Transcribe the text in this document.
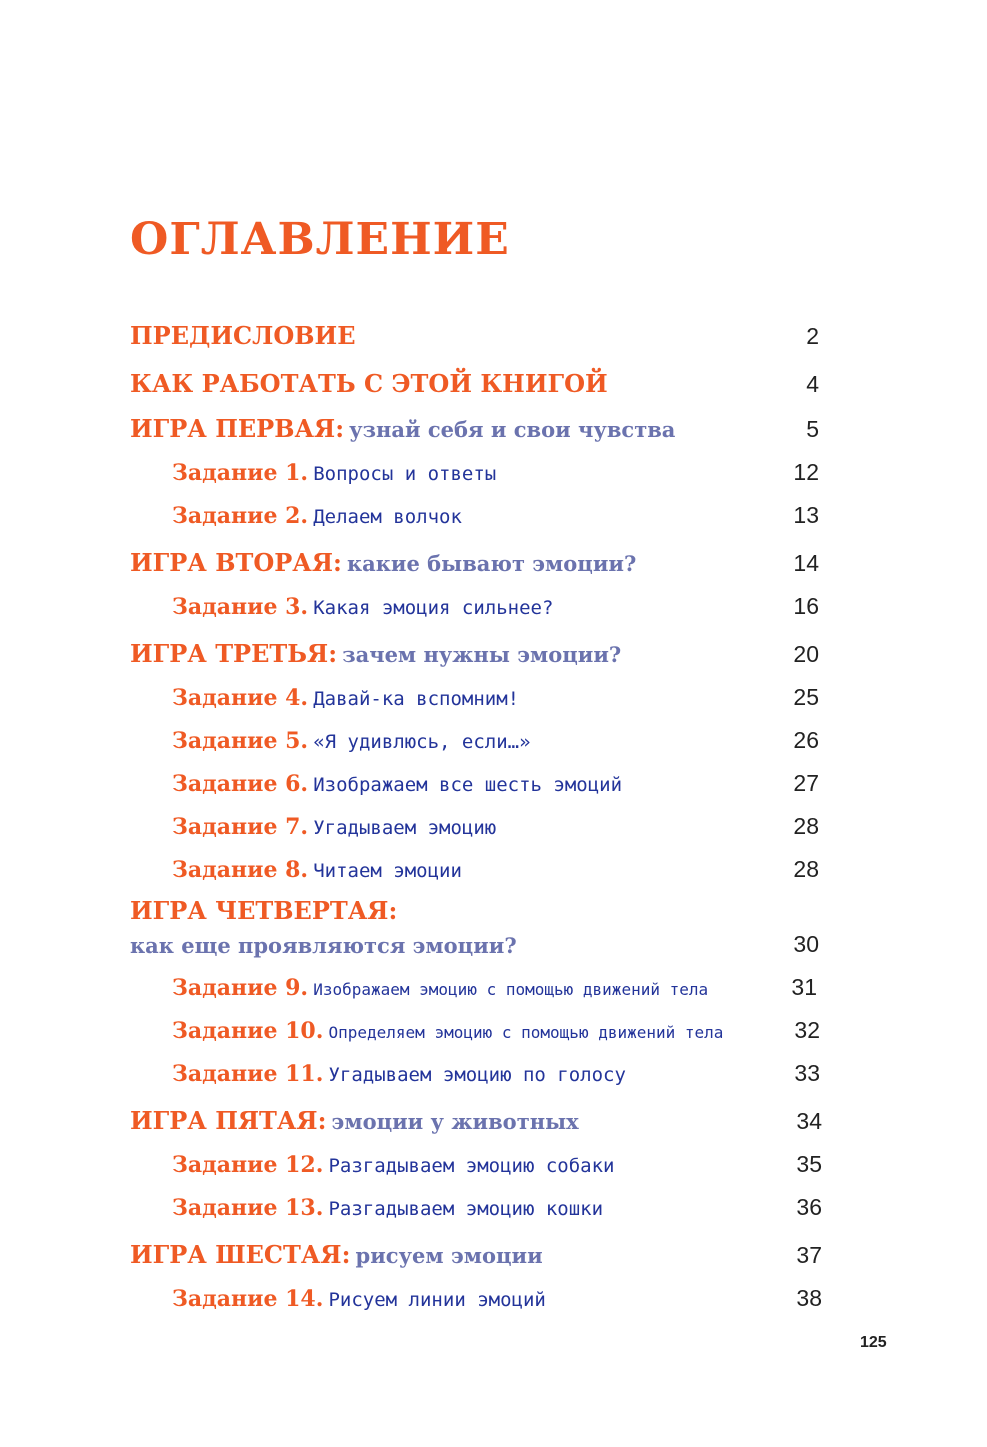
ОГЛАВЛЕНИЕ
ПРЕДИСЛОВИЕ	2
КАК РАБОТАТЬ С ЭТОЙ КНИГОЙ	4
ИГРА ПЕРВАЯ: узнай себя и свои чувства	5
Задание 1. Вопросы и ответы	12
Задание 2. Делаем волчок	13
ИГРА ВТОРАЯ: какие бывают эмоции?	14
Задание 3. Какая эмоция сильнее?	16
ИГРА ТРЕТЬЯ: зачем нужны эмоции?	20
Задание 4. Давай-ка вспомним!	25
Задание 5. «Я удивлюсь, если…»	26
Задание 6. Изображаем все шесть эмоций	27
Задание 7. Угадываем эмоцию	28
Задание 8. Читаем эмоции	28
ИГРА ЧЕТВЕРТАЯ:
как еще проявляются эмоции?	30
Задание 9. Изображаем эмоцию с помощью движений тела	31
Задание 10. Определяем эмоцию с помощью движений тела	32
Задание 11. Угадываем эмоцию по голосу	33
ИГРА ПЯТАЯ: эмоции у животных	34
Задание 12. Разгадываем эмоцию собаки	35
Задание 13. Разгадываем эмоцию кошки	36
ИГРА ШЕСТАЯ: рисуем эмоции	37
Задание 14. Рисуем линии эмоций	38
125
